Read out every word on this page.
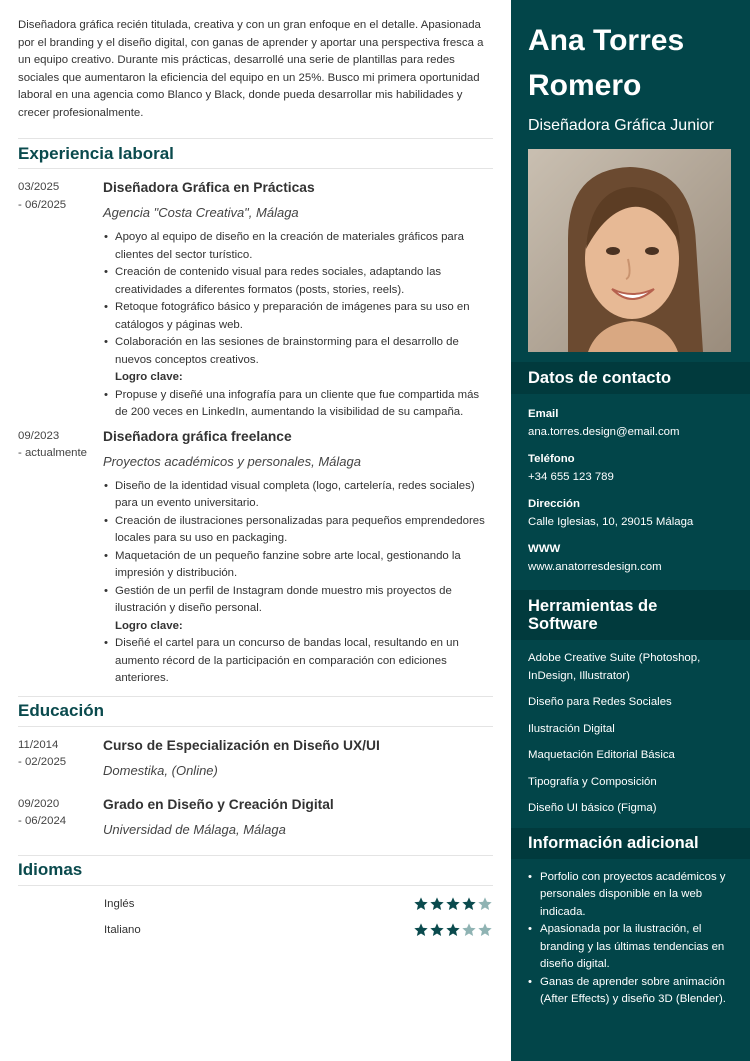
Diseñadora gráfica recién titulada, creativa y con un gran enfoque en el detalle. Apasionada por el branding y el diseño digital, con ganas de aprender y aportar una perspectiva fresca a un equipo creativo. Durante mis prácticas, desarrollé una serie de plantillas para redes sociales que aumentaron la eficiencia del equipo en un 25%. Busco mi primera oportunidad laboral en una agencia como Blanco y Black, donde pueda desarrollar mis habilidades y crecer profesionalmente.

Experiencia laboral
03/2025
- 06/2025
Diseñadora Gráfica en Prácticas
Agencia "Costa Creativa", Málaga
• Apoyo al equipo de diseño en la creación de materiales gráficos para clientes del sector turístico.
• Creación de contenido visual para redes sociales, adaptando las creatividades a diferentes formatos (posts, stories, reels).
• Retoque fotográfico básico y preparación de imágenes para su uso en catálogos y páginas web.
• Colaboración en las sesiones de brainstorming para el desarrollo de nuevos conceptos creativos.
Logro clave:
• Propuse y diseñé una infografía para un cliente que fue compartida más de 200 veces en LinkedIn, aumentando la visibilidad de su campaña.
09/2023
- actualmente
Diseñadora gráfica freelance
Proyectos académicos y personales, Málaga
• Diseño de la identidad visual completa (logo, cartelería, redes sociales) para un evento universitario.
• Creación de ilustraciones personalizadas para pequeños emprendedores locales para su uso en packaging.
• Maquetación de un pequeño fanzine sobre arte local, gestionando la impresión y distribución.
• Gestión de un perfil de Instagram donde muestro mis proyectos de ilustración y diseño personal.
Logro clave:
• Diseñé el cartel para un concurso de bandas local, resultando en un aumento récord de la participación en comparación con ediciones anteriores.
Educación
11/2014
- 02/2025
Curso de Especialización en Diseño UX/UI
Domestika, (Online)
09/2020
- 06/2024
Grado en Diseño y Creación Digital
Universidad de Málaga, Málaga
Idiomas
Inglés
Italiano
Ana Torres
Romero
Diseñadora Gráfica Junior
Datos de contacto
Email
ana.torres.design@email.com
Teléfono
+34 655 123 789
Dirección
Calle Iglesias, 10, 29015 Málaga
WWW
www.anatorresdesign.com
Herramientas de
Software
Adobe Creative Suite (Photoshop, InDesign, Illustrator)
Diseño para Redes Sociales
Ilustración Digital
Maquetación Editorial Básica
Tipografía y Composición
Diseño UI básico (Figma)
Información adicional
• Porfolio con proyectos académicos y personales disponible en la web indicada.
• Apasionada por la ilustración, el branding y las últimas tendencias en diseño digital.
• Ganas de aprender sobre animación (After Effects) y diseño 3D (Blender).
